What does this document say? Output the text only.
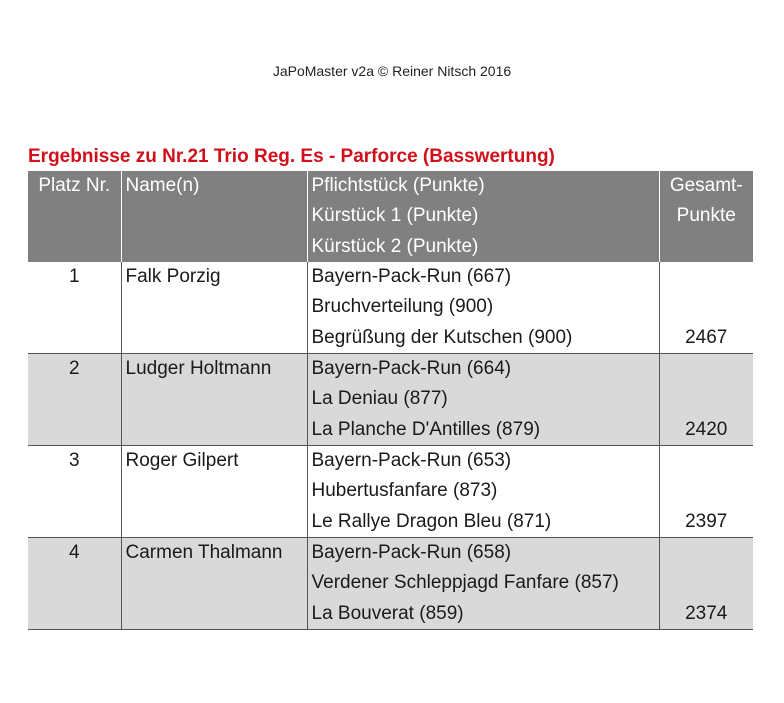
JaPoMaster v2a © Reiner Nitsch 2016
Ergebnisse zu Nr.21 Trio Reg. Es - Parforce (Basswertung)
Platz Nr.	Name(n)	Pflichtstück (Punkte)
Kürstück 1 (Punkte)
Kürstück 2 (Punkte)	Gesamt-
Punkte

1	Falk Porzig	Bayern-Pack-Run (667)
Bruchverteilung (900)
Begrüßung der Kutschen (900)	2467

2	Ludger Holtmann	Bayern-Pack-Run (664)
La Deniau (877)
La Planche D'Antilles (879)	2420

3	Roger Gilpert	Bayern-Pack-Run (653)
Hubertusfanfare (873)
Le Rallye Dragon Bleu (871)	2397

4	Carmen Thalmann	Bayern-Pack-Run (658)
Verdener Schleppjagd Fanfare (857)
La Bouverat (859)	2374
